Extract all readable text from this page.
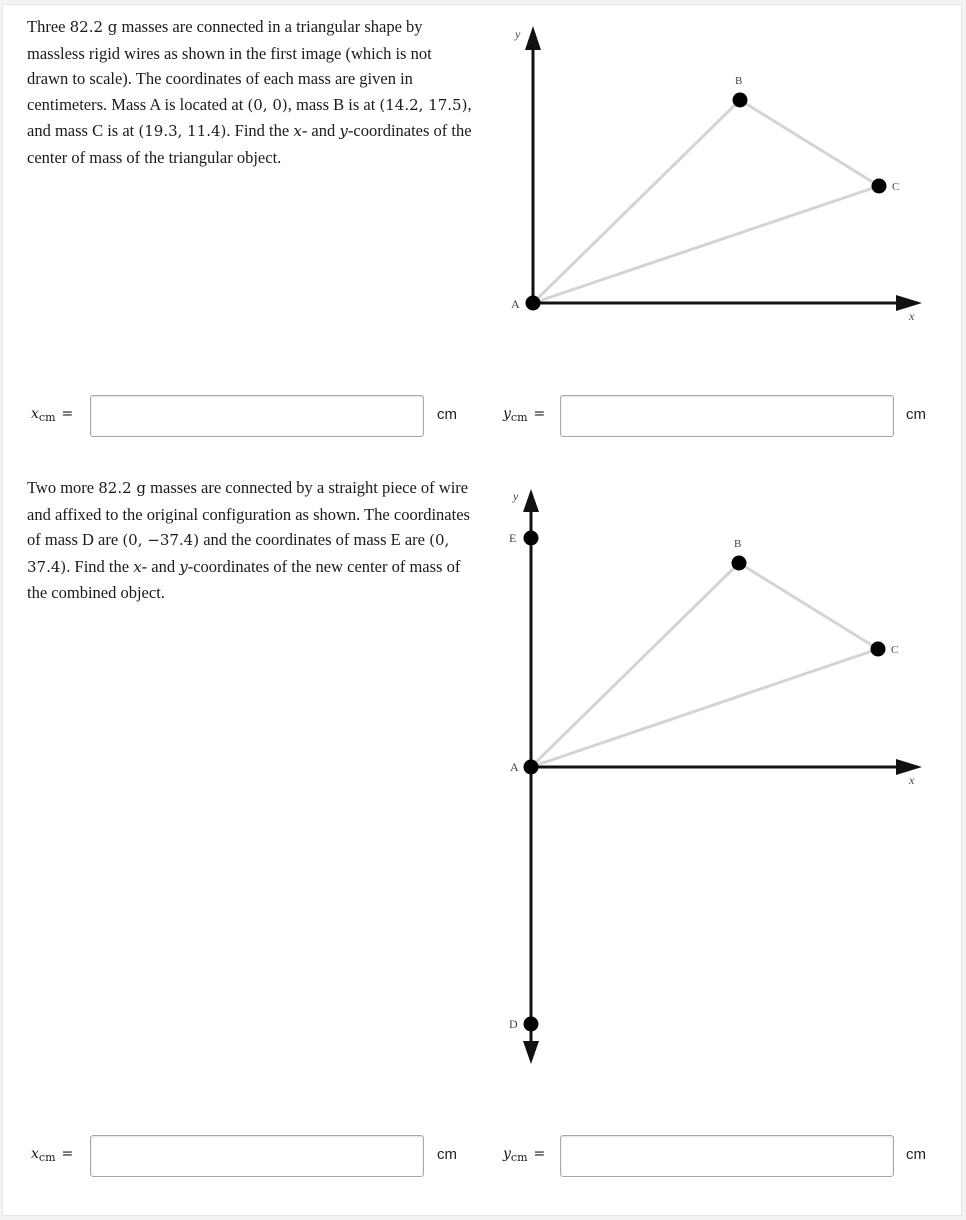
Three 82.2 g masses are connected in a triangular shape by massless rigid wires as shown in the first image (which is not drawn to scale). The coordinates of each mass are given in centimeters. Mass A is located at (0, 0), mass B is at (14.2, 17.5), and mass C is at (19.3, 11.4). Find the x- and y-coordinates of the center of mass of the triangular object.
A
B
C
y
x
$x_{cm}$ =	cm	$y_{cm}$ =	cm
Two more 82.2 g masses are connected by a straight piece of wire and affixed to the original configuration as shown. The coordinates of mass D are (0, −37.4) and the coordinates of mass E are (0, 37.4). Find the x- and y-coordinates of the new center of mass of the combined object.
A
B
C
E
D
y
x
$x_{cm}$ =	cm	$y_{cm}$ =	cm
